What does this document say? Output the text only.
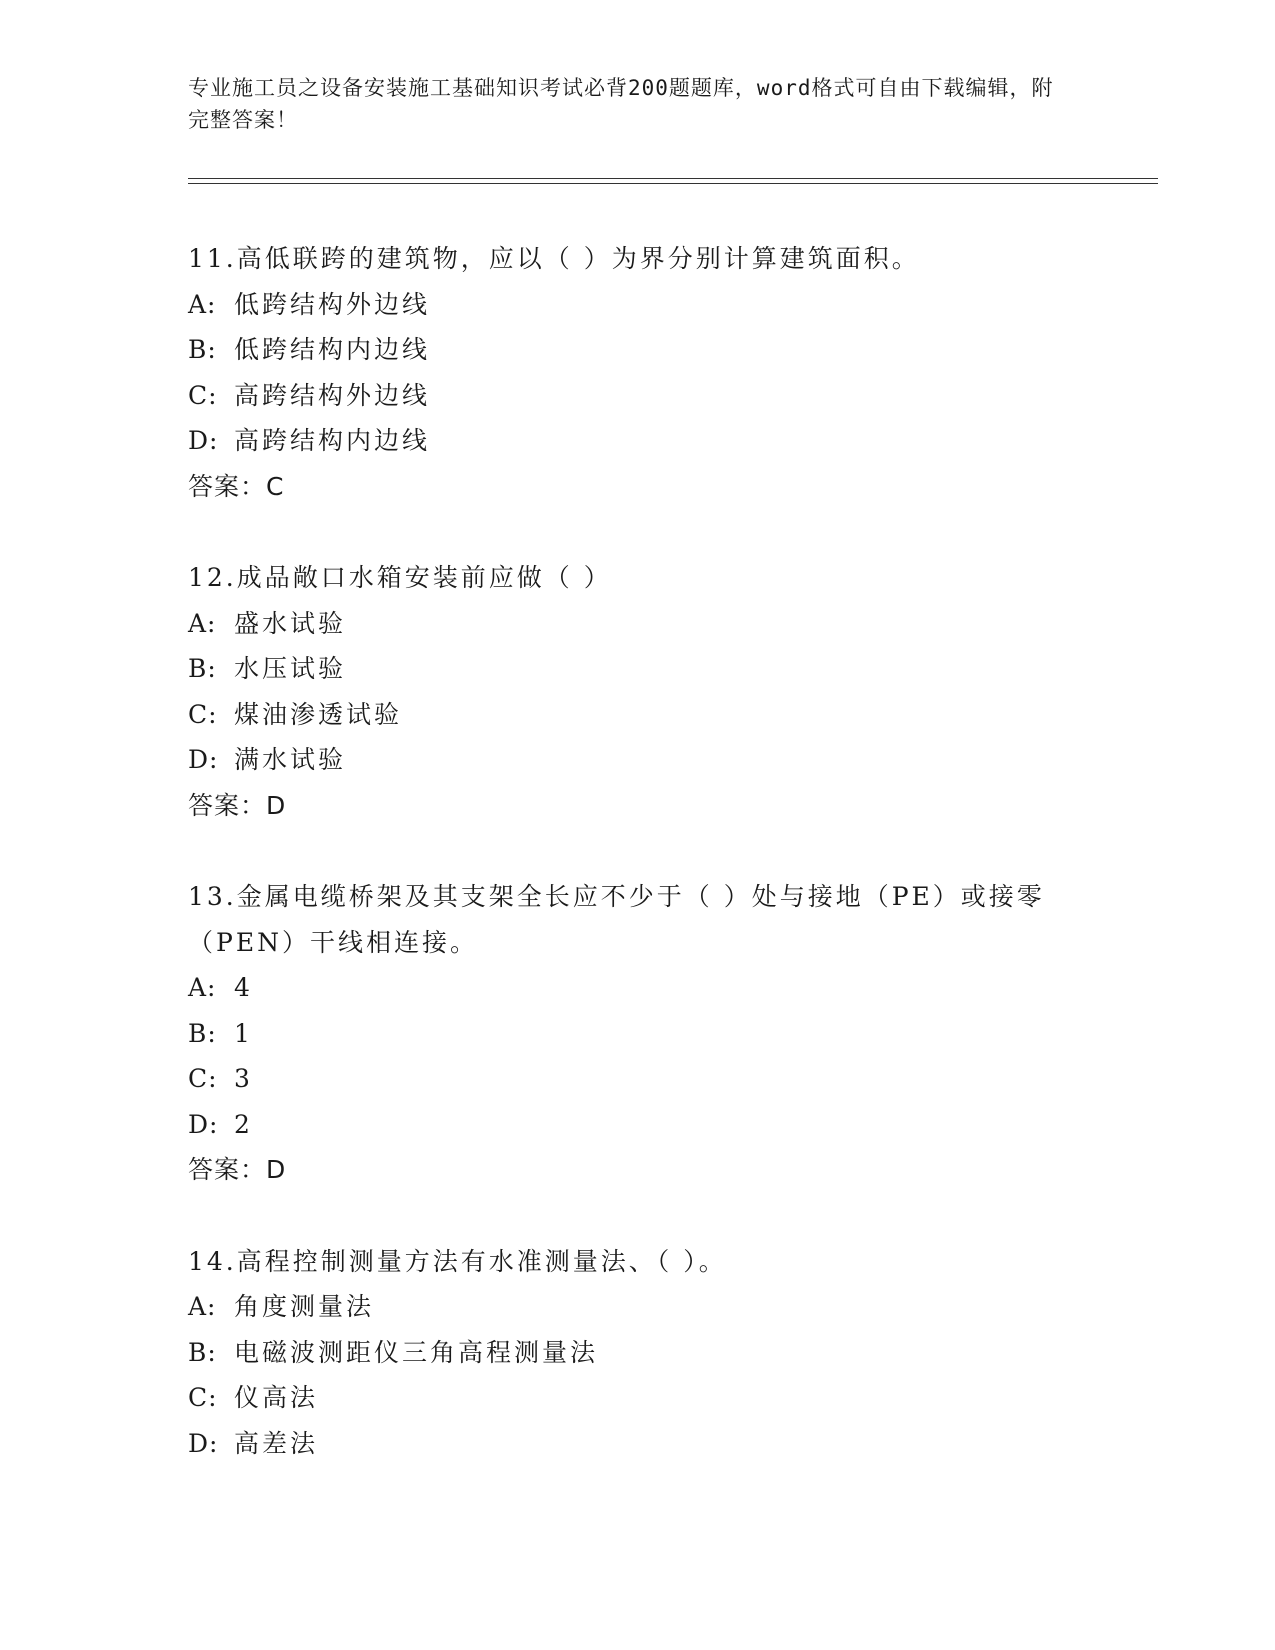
专业施工员之设备安装施工基础知识考试必背200题题库，word格式可自由下载编辑，附完整答案！
11.高低联跨的建筑物，应以（ ）为界分别计算建筑面积。
A: 低跨结构外边线
B: 低跨结构内边线
C: 高跨结构外边线
D: 高跨结构内边线
答案：C
12.成品敞口水箱安装前应做（ ）
A: 盛水试验
B: 水压试验
C: 煤油渗透试验
D: 满水试验
答案：D
13.金属电缆桥架及其支架全长应不少于（ ）处与接地（PE）或接零（PEN）干线相连接。
A: 4
B: 1
C: 3
D: 2
答案：D
14.高程控制测量方法有水准测量法、（ ）。
A: 角度测量法
B: 电磁波测距仪三角高程测量法
C: 仪高法
D: 高差法
